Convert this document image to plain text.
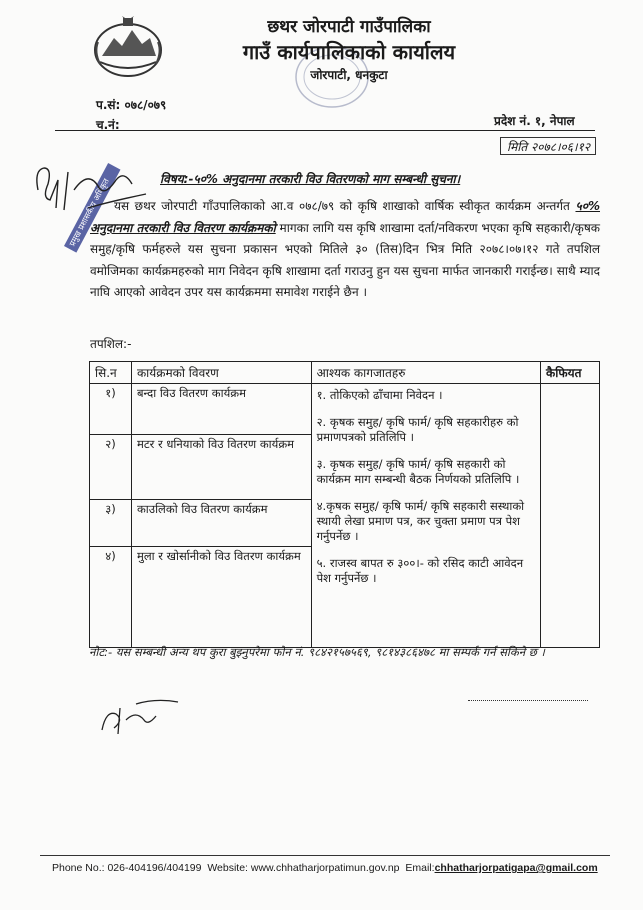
छथर जोरपाटी गाउँपालिका
गाउँ कार्यपालिकाको कार्यालय
जोरपाटी, धनकुटा
प.सं: ०७८/०७९
च.नं:	प्रदेश नं. १, नेपाल
मिति २०७८।०६।१२
प्रमुख प्रशासकीय अधिकृत	विषय:-५०% अनुदानमा तरकारी विउ वितरणको माग सम्बन्धी सुचना।
यस छथर जोरपाटी गाँउपालिकाको आ.व ०७८/७९ को कृषि शाखाको वार्षिक स्वीकृत कार्यक्रम अन्तर्गत ५०% अनुदानमा तरकारी विउ वितरण कार्यक्रमको मागका लागि यस कृषि शाखामा दर्ता/नविकरण भएका कृषि सहकारी/कृषक समुह/कृषि फर्महरुले यस सुचना प्रकासन भएको मितिले ३० (तिस)दिन भित्र मिति २०७८।०७।१२ गते तपशिल वमोजिमका कार्यक्रमहरुको माग निवेदन कृषि शाखामा दर्ता गराउनु हुन यस सुचना मार्फत जानकारी गराईन्छ। साथै म्याद नाघि आएको आवेदन उपर यस कार्यक्रममा समावेश गराईने छैन ।
तपशिल:-
सि.न	कार्यक्रमको विवरण	आश्यक कागजातहरु	कैफियत
१)	बन्दा विउ वितरण कार्यक्रम	१. तोकिएको ढाँचामा निवेदन ।
२. कृषक समुह/ कृषि फार्म/ कृषि सहकारीहरु को प्रमाणपत्रको प्रतिलिपि ।
३. कृषक समुह/ कृषि फार्म/ कृषि सहकारी को कार्यक्रम माग सम्बन्धी बैठक निर्णयको प्रतिलिपि ।
४.कृषक समुह/ कृषि फार्म/ कृषि सहकारी सस्थाको स्थायी लेखा प्रमाण पत्र, कर चुक्ता प्रमाण पत्र पेश गर्नुपर्नेछ ।
५. राजस्व बापत रु ३००।- को रसिद काटी आवेदन पेश गर्नुपर्नेछ ।	

२)	मटर र धनियाको विउ वितरण कार्यक्रम		
३)	काउलिको विउ वितरण कार्यक्रम		
४)	मुला र खोर्सानीको विउ वितरण कार्यक्रम		
नोट:- यस सम्बन्धी अन्य थप कुरा बुझ्नुपरेमा फोन नं. ९८४२१५७५६९, ९८१४३८६४७८ मा सम्पर्क गर्न सकिने छ ।
Phone No.: 026-404196/404199 Website: www.chhatharjorpatimun.gov.np Email:chhatharjorpatigapa@gmail.com
